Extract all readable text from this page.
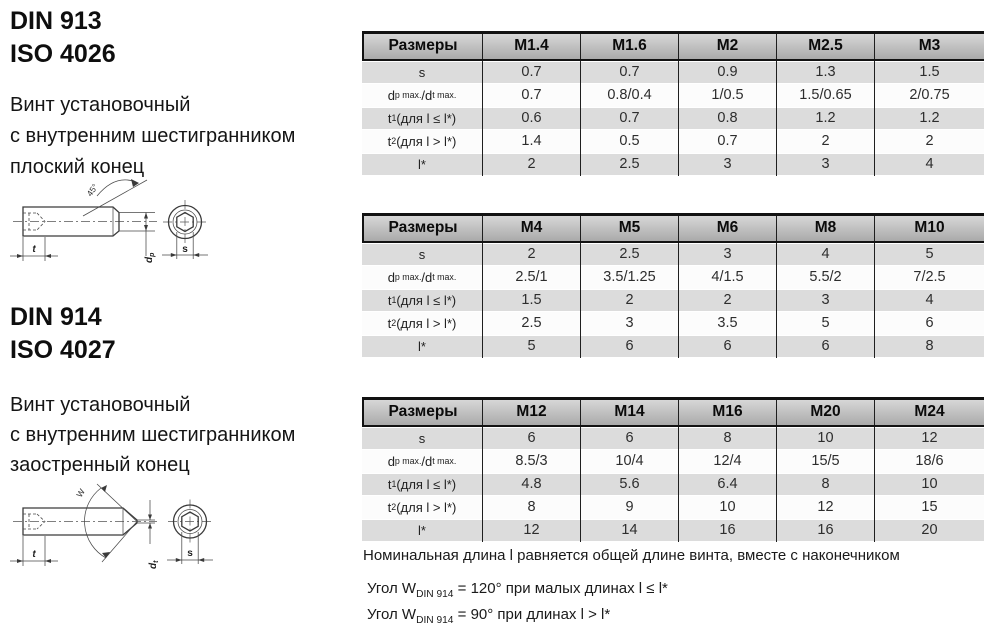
DIN 913
ISO 4026
Винт установочный
с внутренним шестигранником
плоский конец
45°
t
$d_p$	s
DIN 914
ISO 4027
Винт установочный
с внутренним шестигранником
заостренный конец
W
t
$d_t$
s
Размеры	M1.4	M1.6	M2	M2.5	M3
s	0.7	0.7	0.9	1.3	1.5
d p max. /d t max.	0.7	0.8/0.4	1/0.5	1.5/0.65	2/0.75
t 1 (для l ≤ l*)	0.6	0.7	0.8	1.2	1.2
t 2 (для l > l*)	1.4	0.5	0.7	2	2
l*	2	2.5	3	3	4
Размеры	M4	M5	M6	M8	M10
s	2	2.5	3	4	5
d p max. /d t max.	2.5/1	3.5/1.25	4/1.5	5.5/2	7/2.5
t 1 (для l ≤ l*)	1.5	2	2	3	4
t 2 (для l > l*)	2.5	3	3.5	5	6
l*	5	6	6	6	8
Размеры	M12	M14	M16	M20	M24
s	6	6	8	10	12
d p max. /d t max.	8.5/3	10/4	12/4	15/5	18/6
t 1 (для l ≤ l*)	4.8	5.6	6.4	8	10
t 2 (для l > l*)	8	9	10	12	15
l*	12	14	16	16	20
Номинальная длина l равняется общей длине винта, вместе с наконечником
Угол $W_{DIN 914} = 120^\circ$ при малых длинах l ≤ l*
Угол $W_{DIN 914} = 90^\circ$ при длинах l > l*
